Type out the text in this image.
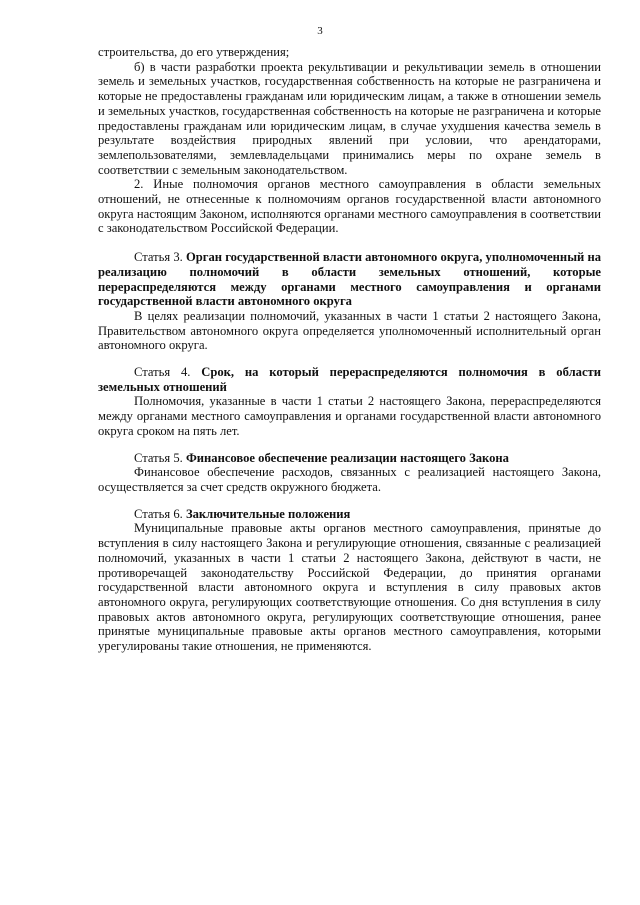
3

строительства, до его утверждения;

б) в части разработки проекта рекультивации и рекультивации земель в отношении земель и земельных участков, государственная собственность на которые не разграничена и которые не предоставлены гражданам или юридическим лицам, а также в отношении земель и земельных участков, государственная собственность на которые не разграничена и которые предоставлены гражданам или юридическим лицам, в случае ухудшения качества земель в результате воздействия природных явлений при условии, что арендаторами, землепользователями, землевладельцами принимались меры по охране земель в соответствии с земельным законодательством.

2. Иные полномочия органов местного самоуправления в области земельных отношений, не отнесенные к полномочиям органов государственной власти автономного округа настоящим Законом, исполняются органами местного самоуправления в соответствии с законодательством Российской Федерации.

Статья 3. Орган государственной власти автономного округа, уполномоченный на реализацию полномочий в области земельных отношений, которые перераспределяются между органами местного самоуправления и органами государственной власти автономного округа

В целях реализации полномочий, указанных в части 1 статьи 2 настоящего Закона, Правительством автономного округа определяется уполномоченный исполнительный орган автономного округа.

Статья 4. Срок, на который перераспределяются полномочия в области земельных отношений

Полномочия, указанные в части 1 статьи 2 настоящего Закона, перераспределяются между органами местного самоуправления и органами государственной власти автономного округа сроком на пять лет.

Статья 5. Финансовое обеспечение реализации настоящего Закона

Финансовое обеспечение расходов, связанных с реализацией настоящего Закона, осуществляется за счет средств окружного бюджета.

Статья 6. Заключительные положения

Муниципальные правовые акты органов местного самоуправления, принятые до вступления в силу настоящего Закона и регулирующие отношения, связанные с реализацией полномочий, указанных в части 1 статьи 2 настоящего Закона, действуют в части, не противоречащей законодательству Российской Федерации, до принятия органами государственной власти автономного округа и вступления в силу правовых актов автономного округа, регулирующих соответствующие отношения. Со дня вступления в силу правовых актов автономного округа, регулирующих соответствующие отношения, ранее принятые муниципальные правовые акты органов местного самоуправления, которыми урегулированы такие отношения, не применяются.
